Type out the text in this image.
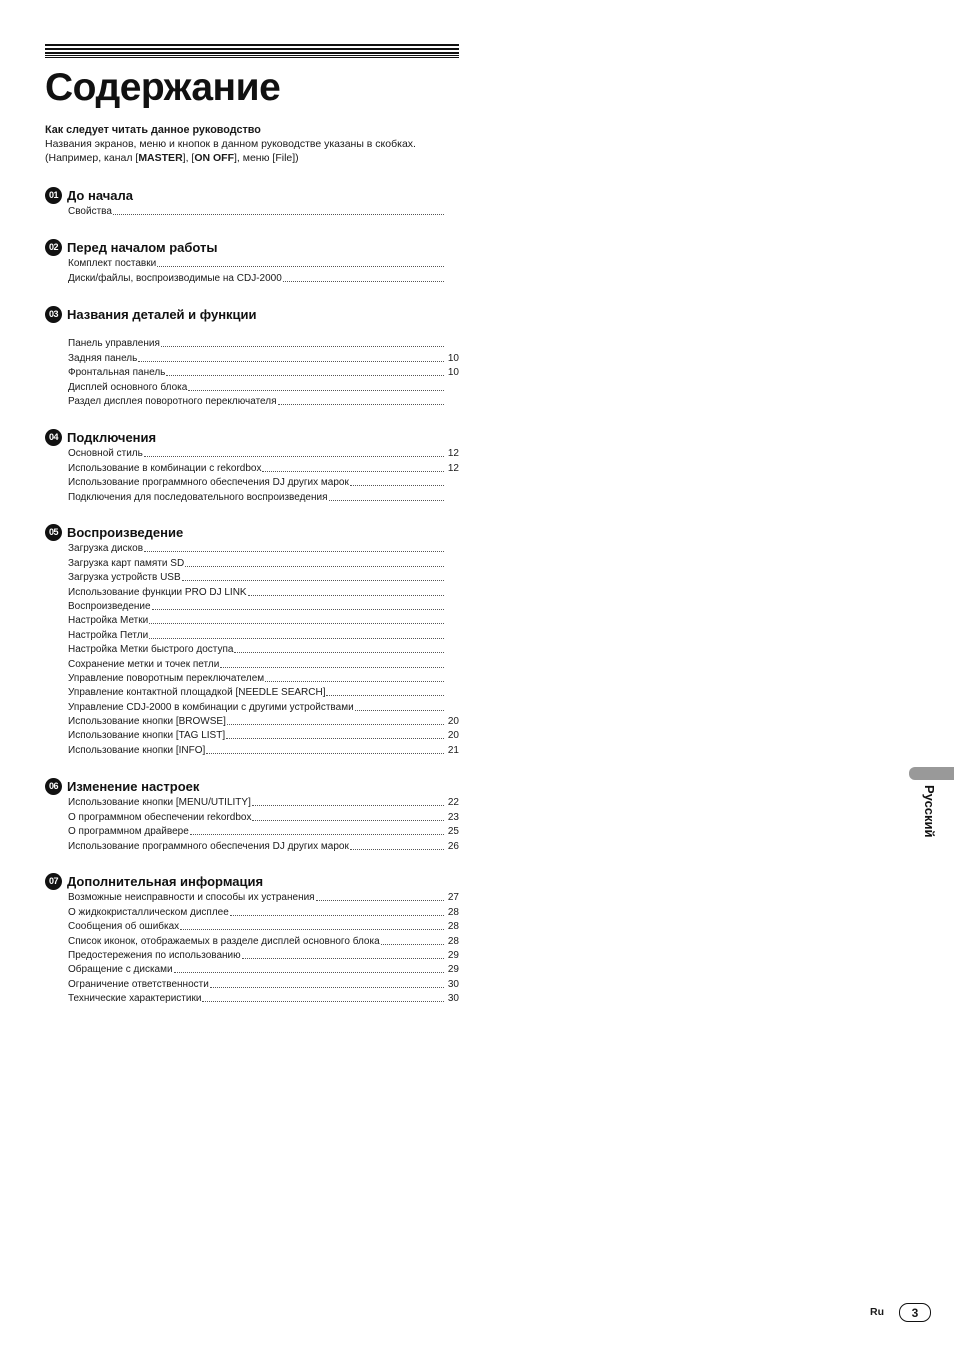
Содержание
Как следует читать данное руководство
Названия экранов, меню и кнопок в данном руководстве указаны в скобках.
(Например, канал [MASTER], [ON OFF], меню [File])
01 До начала
Свойства
02 Перед началом работы
Комплект поставки
Диски/файлы, воспроизводимые на CDJ-2000
03 Названия деталей и функции
Панель управления
Задняя панель	10
Фронтальная панель	10
Дисплей основного блока
Раздел дисплея поворотного переключателя
04 Подключения
Основной стиль	12
Использование в комбинации с rekordbox	12
Использование программного обеспечения DJ других марок
Подключения для последовательного воспроизведения
05 Воспроизведение
Загрузка дисков
Загрузка карт памяти SD
Загрузка устройств USB
Использование функции PRO DJ LINK
Воспроизведение
Настройка Метки
Настройка Петли
Настройка Метки быстрого доступа
Сохранение метки и точек петли
Управление поворотным переключателем
Управление контактной площадкой [NEEDLE SEARCH]
Управление CDJ-2000 в комбинации с другими устройствами
Использование кнопки [BROWSE]	20
Использование кнопки [TAG LIST]	20
Использование кнопки [INFO]	21
06 Изменение настроек
Использование кнопки [MENU/UTILITY]	22
О программном обеспечении rekordbox	23
О программном драйвере	25
Использование программного обеспечения DJ других марок	26
07 Дополнительная информация
Возможные неисправности и способы их устранения	27
О жидкокристаллическом дисплее	28
Сообщения об ошибках	28
Список иконок, отображаемых в разделе дисплей основного блока	28
Предостережения по использованию	29
Обращение с дисками	29
Ограничение ответственности	30
Технические характеристики	30
Русский
Ru	3
